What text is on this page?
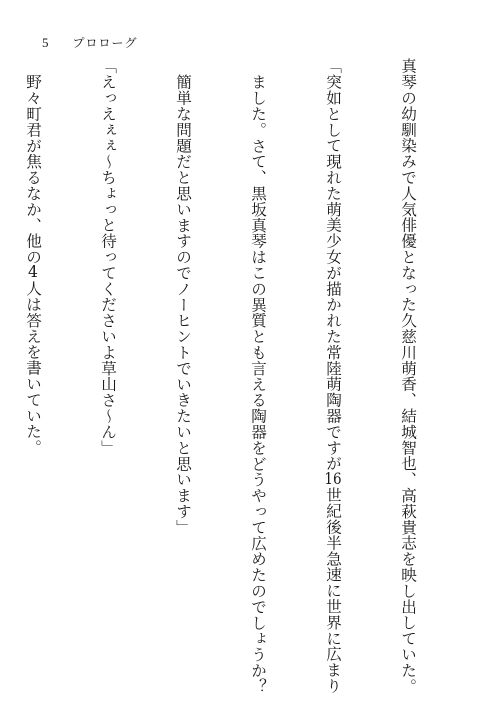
5 プロローグ

真琴の幼馴染みで人気俳優となった久慈川萌香、結城智也、高萩貴志を映し出していた。

「突如として現れた萌美少女が描かれた常陸萌陶器ですが16世紀後半急速に世界に広まり

ました。さて、黒坂真琴はこの異質とも言える陶器をどうやって広めたのでしょうか？

簡単な問題だと思いますのでノーヒントでいきたいと思います」

「えっえぇぇ～ちょっと待ってくださいよ草山さ～ん」

野々町君が焦るなか、他の4人は答えを書いていた。
